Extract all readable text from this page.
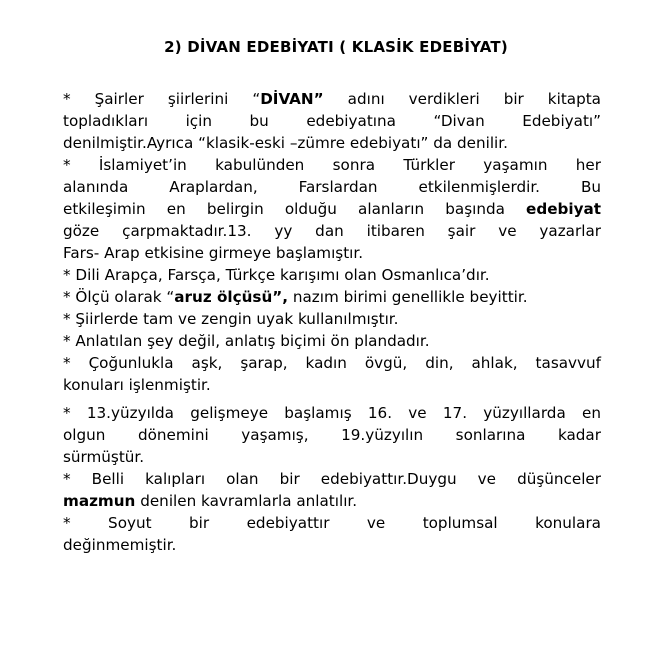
2) DİVAN EDEBİYATI ( KLASİK EDEBİYAT)
* Şairler şiirlerini “DİVAN” adını verdikleri bir kitapta
topladıkları için bu edebiyatına “Divan Edebiyatı”
denilmiştir.Ayrıca “klasik-eski –zümre edebiyatı” da denilir.
* İslamiyet’in kabulünden sonra Türkler yaşamın her
alanında Araplardan, Farslardan etkilenmişlerdir. Bu
etkileşimin en belirgin olduğu alanların başında edebiyat
göze çarpmaktadır.13. yy dan itibaren şair ve yazarlar
Fars- Arap etkisine girmeye başlamıştır.
* Dili Arapça, Farsça, Türkçe karışımı olan Osmanlıca’dır.
* Ölçü olarak “aruz ölçüsü”, nazım birimi genellikle beyittir.
* Şiirlerde tam ve zengin uyak kullanılmıştır.
* Anlatılan şey değil, anlatış biçimi ön plandadır.
* Çoğunlukla aşk, şarap, kadın övgü, din, ahlak, tasavvuf
konuları işlenmiştir.
* 13.yüzyılda gelişmeye başlamış 16. ve 17. yüzyıllarda en
olgun dönemini yaşamış, 19.yüzyılın sonlarına kadar
sürmüştür.
* Belli kalıpları olan bir edebiyattır.Duygu ve düşünceler
mazmun denilen kavramlarla anlatılır.
* Soyut bir edebiyattır ve toplumsal konulara
değinmemiştir.
